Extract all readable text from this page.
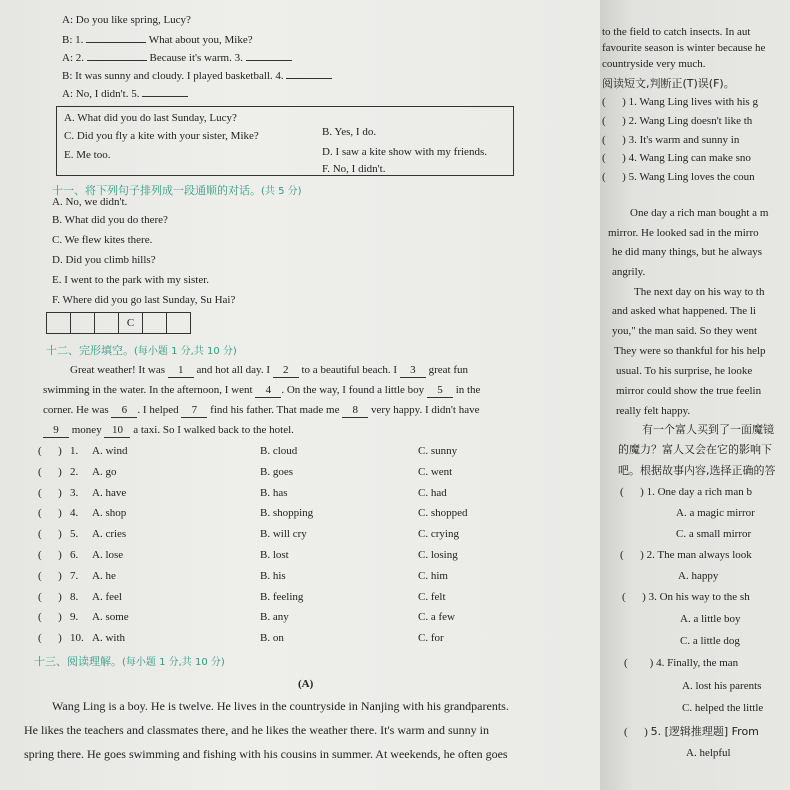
A: Do you like spring, Lucy?
B: 1.	What about you, Mike?
A: 2.	Because it's warm. 3.
B: It was sunny and cloudy. I played basketball. 4.
A: No, I didn't. 5.
A. What did you do last Sunday, Lucy?
B. Yes, I do.
C. Did you fly a kite with your sister, Mike?
D. I saw a kite show with my friends.
E. Me too.
F. No, I didn't.
十一、将下列句子排列成一段通顺的对话。(共 5 分)
A. No, we didn't.
B. What did you do there?
C. We flew kites there.
D. Did you climb hills?
E. I went to the park with my sister.
F. Where did you go last Sunday, Su Hai?
C
十二、完形填空。(每小题 1 分,共 10 分)
Great weather! It was 1 and hot all day. I 2 to a beautiful beach. I 3 great fun
swimming in the water. In the afternoon, I went 4 . On the way, I found a little boy 5 in the
corner. He was 6 . I helped 7 find his father. That made me 8 very happy. I didn't have
9 money 10 a taxi. So I walked back to the hotel.
(      ) 1. A. wind	B. cloud	C. sunny
(      ) 2. A. go	B. goes	C. went
(      ) 3. A. have	B. has	C. had
(      ) 4. A. shop	B. shopping	C. shopped
(      ) 5. A. cries	B. will cry	C. crying
(      ) 6. A. lose	B. lost	C. losing
(      ) 7. A. he	B. his	C. him
(      ) 8. A. feel	B. feeling	C. felt
(      ) 9. A. some	B. any	C. a few
(      ) 10. A. with	B. on	C. for
十三、阅读理解。(每小题 1 分,共 10 分)
(A)
Wang Ling is a boy. He is twelve. He lives in the countryside in Nanjing with his grandparents.
He likes the teachers and classmates there, and he likes the weather there. It's warm and sunny in
spring there. He goes swimming and fishing with his cousins in summer. At weekends, he often goes
to the field to catch insects. In aut
favourite season is winter because he
countryside very much.
阅读短文,判断正(T)误(F)。
(      ) 1. Wang Ling lives with his g
(      ) 2. Wang Ling doesn't like th
(      ) 3. It's warm and sunny in
(      ) 4. Wang Ling can make sno
(      ) 5. Wang Ling loves the coun
One day a rich man bought a m
mirror. He looked sad in the mirro
he did many things, but he always
angrily.
The next day on his way to th
and asked what happened. The li
you," the man said. So they went
They were so thankful for his help
usual. To his surprise, he looke
mirror could show the true feelin
really felt happy.
有一个富人买到了一面魔镜
的魔力？富人又会在它的影响下
吧。根据故事内容,选择正确的答
(      ) 1. One day a rich man b
A. a magic mirror
C. a small mirror
(      ) 2. The man always look
A. happy
(      ) 3. On his way to the sh
A. a little boy
C. a little dog
(        ) 4. Finally, the man
A. lost his parents
C. helped the little
(      ) 5. [逻辑推理题] From
A. helpful
